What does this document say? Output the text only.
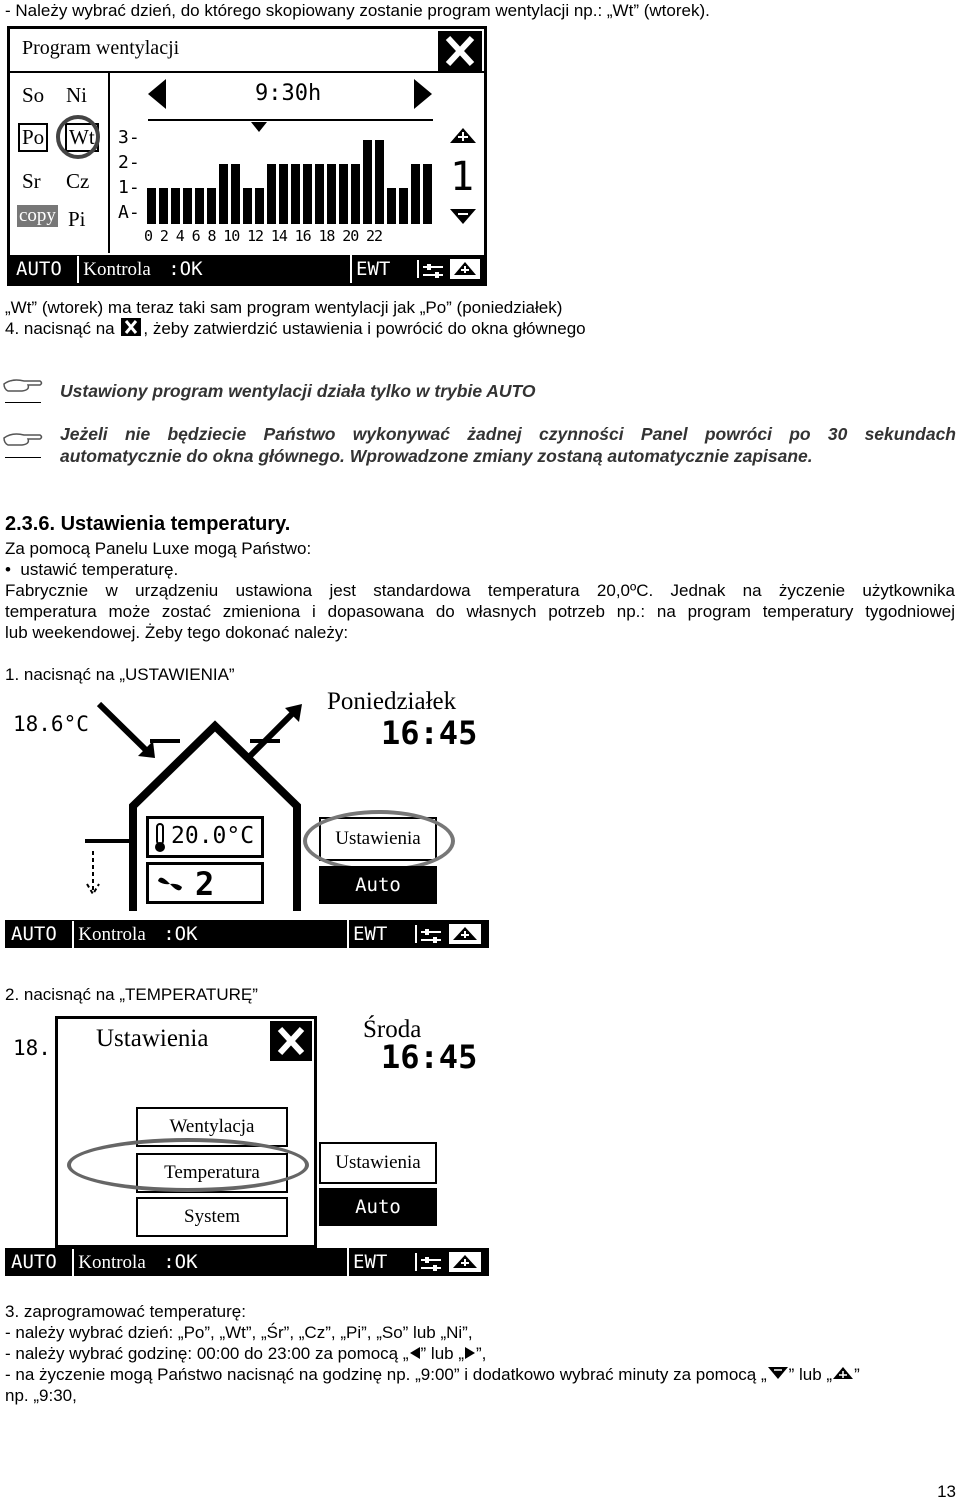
- Należy wybrać dzień, do którego skopiowany zostanie program wentylacji np.: „Wt” (wtorek).
Program wentylacji
So Ni
Po Wt
Sr Cz
copy Pi
9:30h
3-
2-
1-
A-
0 2 4 6 8 10 12 14 16 18 20 22
1
AUTO Kontrola :OK	EWT
„Wt” (wtorek) ma teraz taki sam program wentylacji jak „Po” (poniedziałek)
4. nacisnąć na , żeby zatwierdzić ustawienia i powrócić do okna głównego
Ustawiony program wentylacji działa tylko w trybie AUTO
Jeżeli nie będziecie Państwo wykonywać żadnej czynności Panel powróci po 30 sekundach
automatycznie do okna głównego. Wprowadzone zmiany zostaną automatycznie zapisane.
2.3.6. Ustawienia temperatury.
Za pomocą Panelu Luxe mogą Państwo:
•  ustawić temperaturę.
Fabrycznie w urządzeniu ustawiona jest standardowa temperatura 20,0ºC. Jednak na życzenie użytkownika
temperatura może zostać zmieniona i dopasowana do własnych potrzeb np.: na program temperatury tygodniowej
lub weekendowej. Żeby tego dokonać należy:
1. nacisnąć na „USTAWIENIA”
18.6°C
Poniedziałek
16:45
20.0°C
2
Ustawienia
Auto
AUTO Kontrola :OK	EWT
2. nacisnąć na „TEMPERATURĘ”
18.
Środa
16:45
Ustawienia
Wentylacja
Temperatura
System
Ustawienia
Auto
AUTO Kontrola :OK	EWT
3. zaprogramować temperaturę:
- należy wybrać dzień: „Po”, „Wt”, „Śr”, „Cz”, „Pi”, „So” lub „Ni”,
- należy wybrać godzinę: 00:00 do 23:00 za pomocą „ ” lub „ ”,
- na życzenie mogą Państwo nacisnąć na godzinę np. „9:00” i dodatkowo wybrać minuty za pomocą „ ” lub „ ”
np. „9:30,
13
